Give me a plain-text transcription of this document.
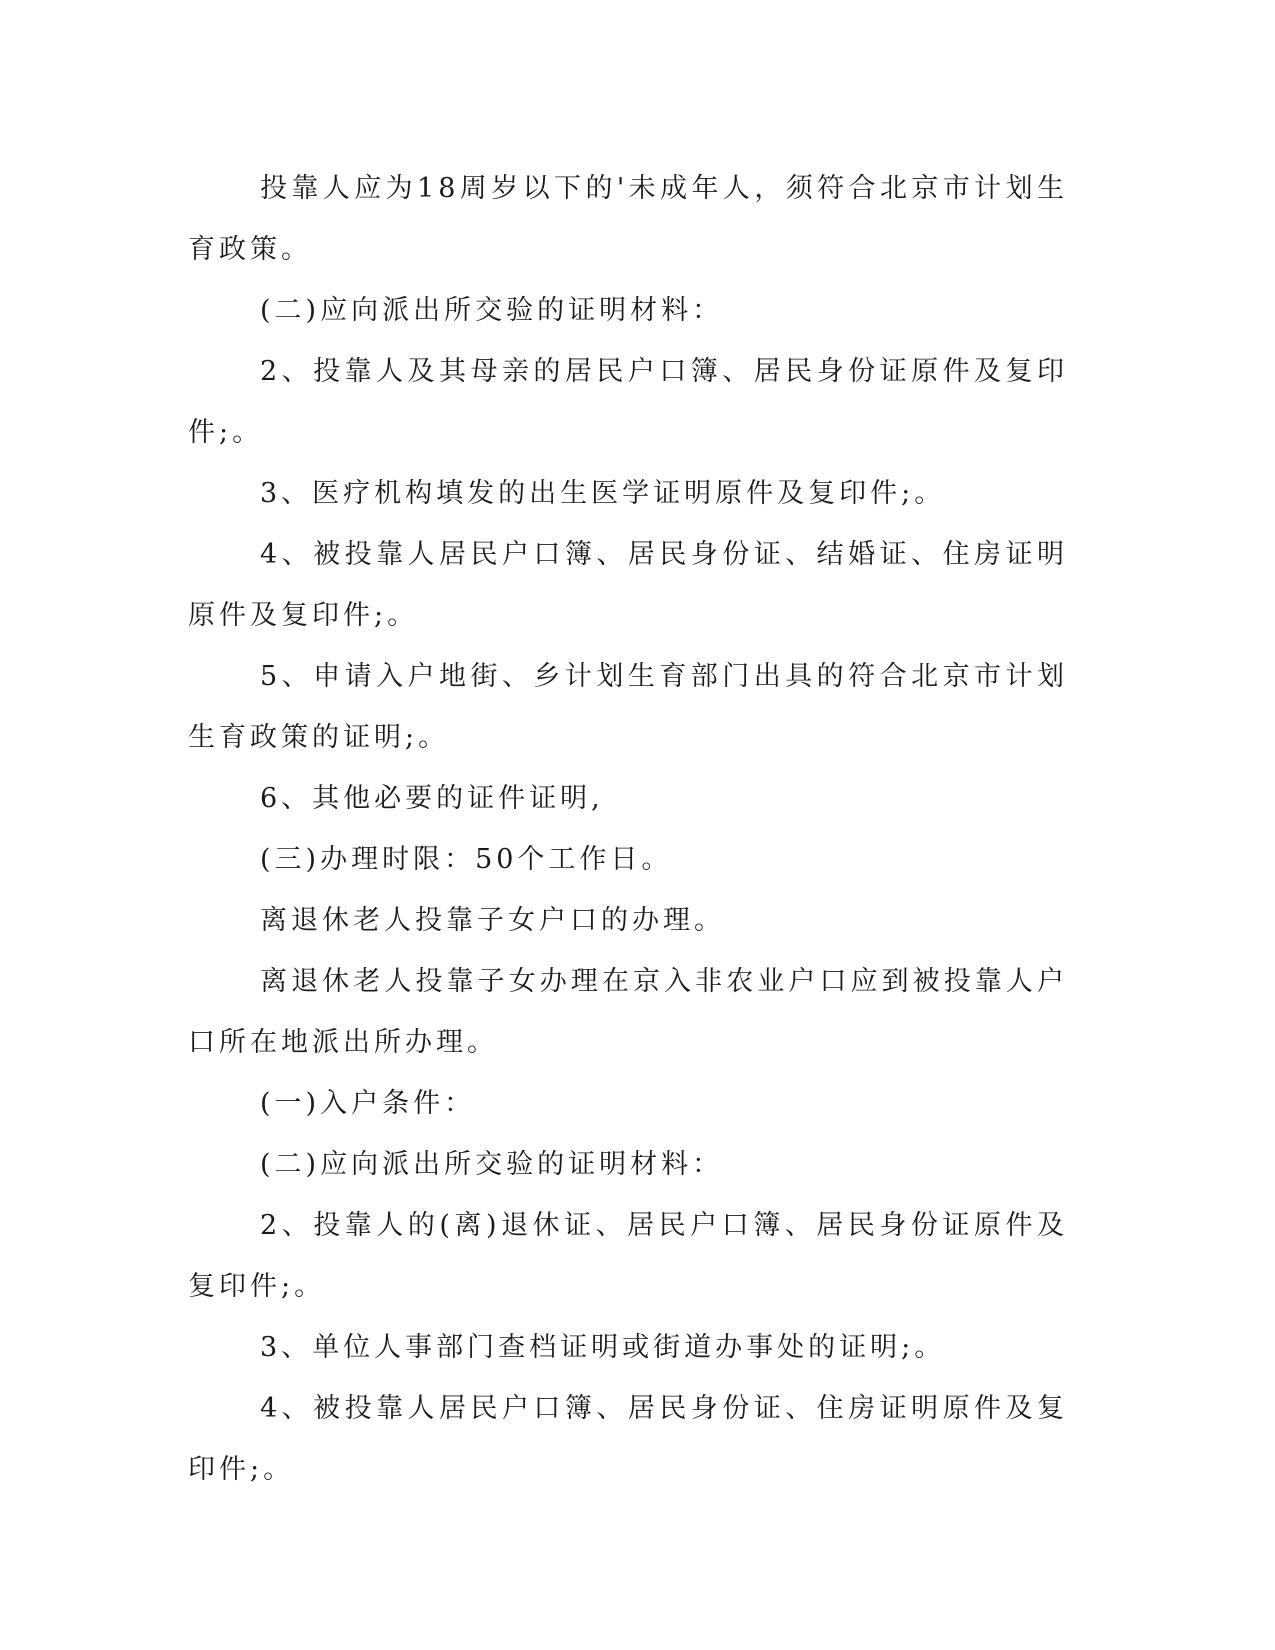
投靠人应为18周岁以下的'未成年人，须符合北京市计划生育政策。

(二)应向派出所交验的证明材料：

2、投靠人及其母亲的居民户口簿、居民身份证原件及复印件;。

3、医疗机构填发的出生医学证明原件及复印件;。

4、被投靠人居民户口簿、居民身份证、结婚证、住房证明原件及复印件;。

5、申请入户地街、乡计划生育部门出具的符合北京市计划生育政策的证明;。

6、其他必要的证件证明,

(三)办理时限：50个工作日。

离退休老人投靠子女户口的办理。

离退休老人投靠子女办理在京入非农业户口应到被投靠人户口所在地派出所办理。

(一)入户条件：

(二)应向派出所交验的证明材料：

2、投靠人的(离)退休证、居民户口簿、居民身份证原件及复印件;。

3、单位人事部门查档证明或街道办事处的证明;。

4、被投靠人居民户口簿、居民身份证、住房证明原件及复印件;。
